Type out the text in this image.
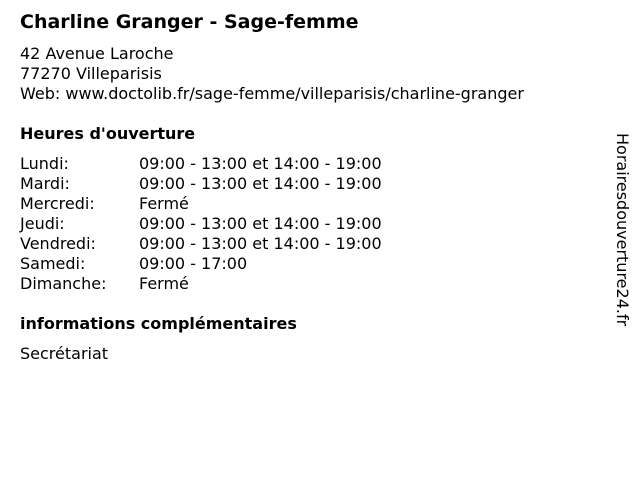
Charline Granger - Sage-femme
42 Avenue Laroche
77270 Villeparisis
Web: www.doctolib.fr/sage-femme/villeparisis/charline-granger
Heures d'ouverture
Lundi:	09:00 - 13:00 et 14:00 - 19:00
Mardi:	09:00 - 13:00 et 14:00 - 19:00
Mercredi:	Fermé
Jeudi:	09:00 - 13:00 et 14:00 - 19:00
Vendredi:	09:00 - 13:00 et 14:00 - 19:00
Samedi:	09:00 - 17:00
Dimanche: Fermé
informations complémentaires
Secrétariat
Horairesdouverture24.fr
